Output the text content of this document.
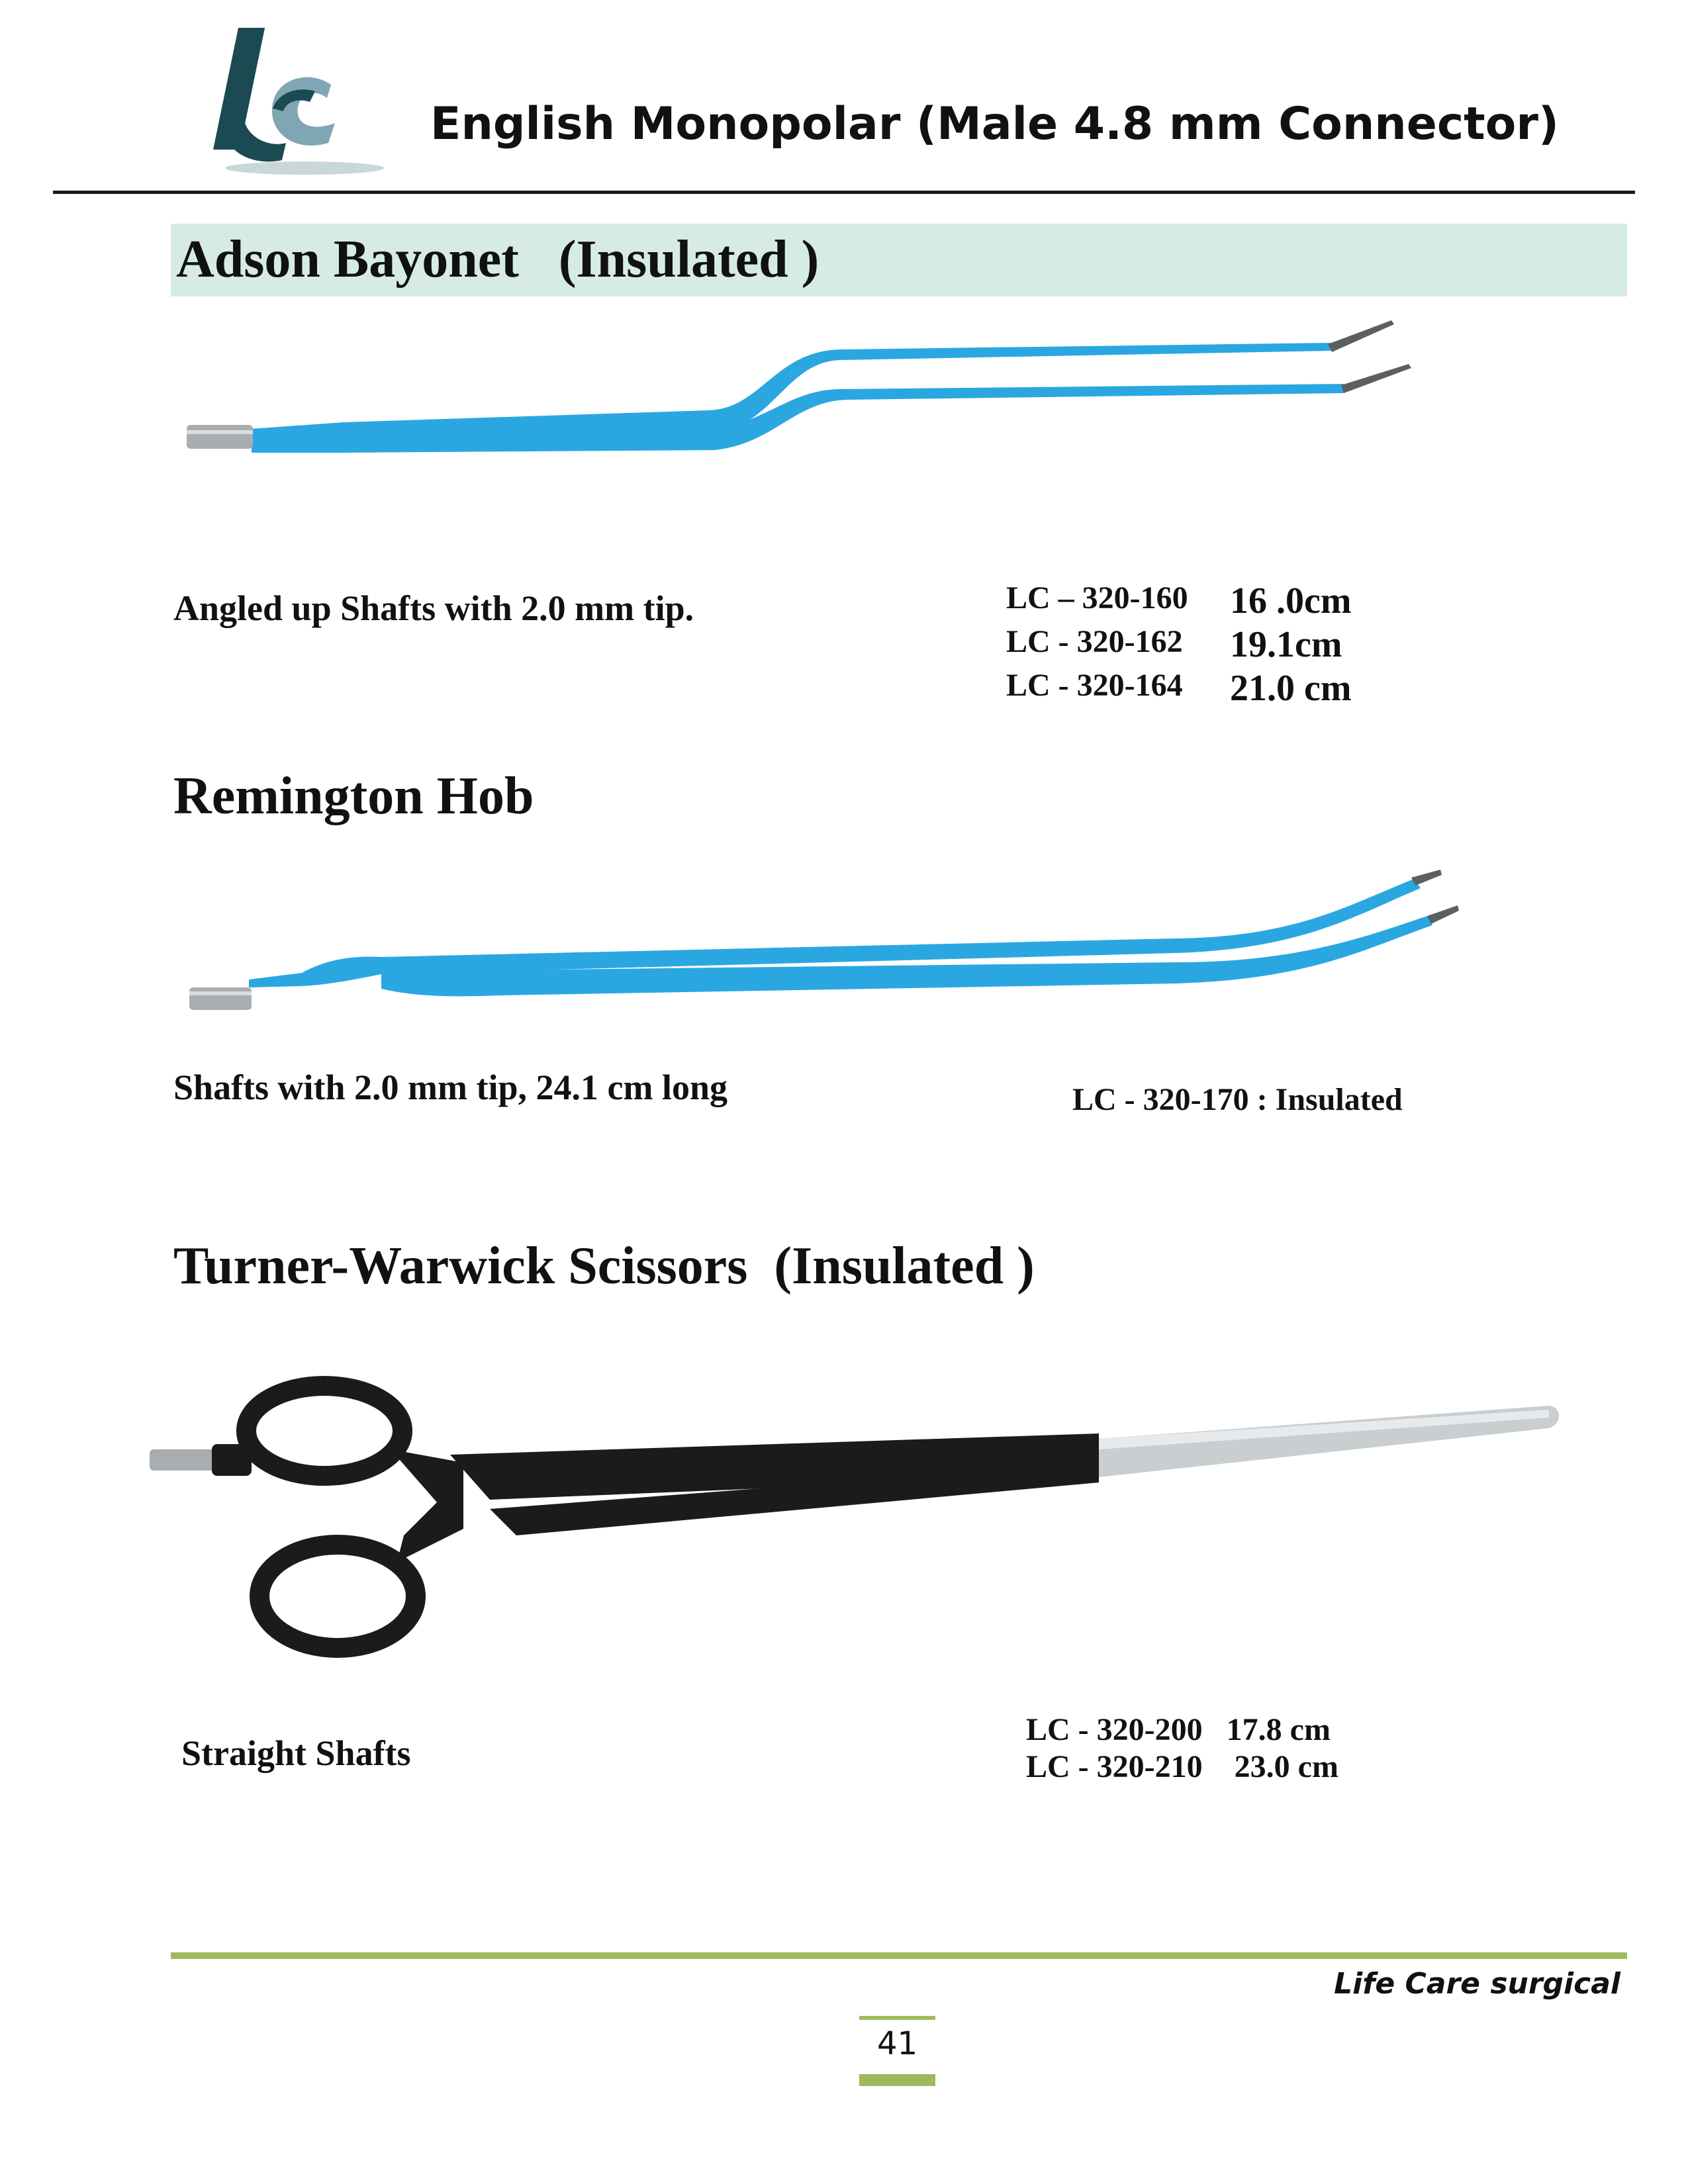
English Monopolar (Male 4.8 mm Connector)
Adson Bayonet   (Insulated )
Angled up Shafts with 2.0 mm tip.	LC – 320-160 16 .0cm
LC - 320-162 19.1cm
LC - 320-164 21.0 cm
Remington Hob
Shafts with 2.0 mm tip, 24.1 cm long	LC - 320-170 : Insulated
Turner-Warwick Scissors  (Insulated )
Straight Shafts
LC - 320-200   17.8 cm
LC - 320-210    23.0 cm
Life Care surgical
41
